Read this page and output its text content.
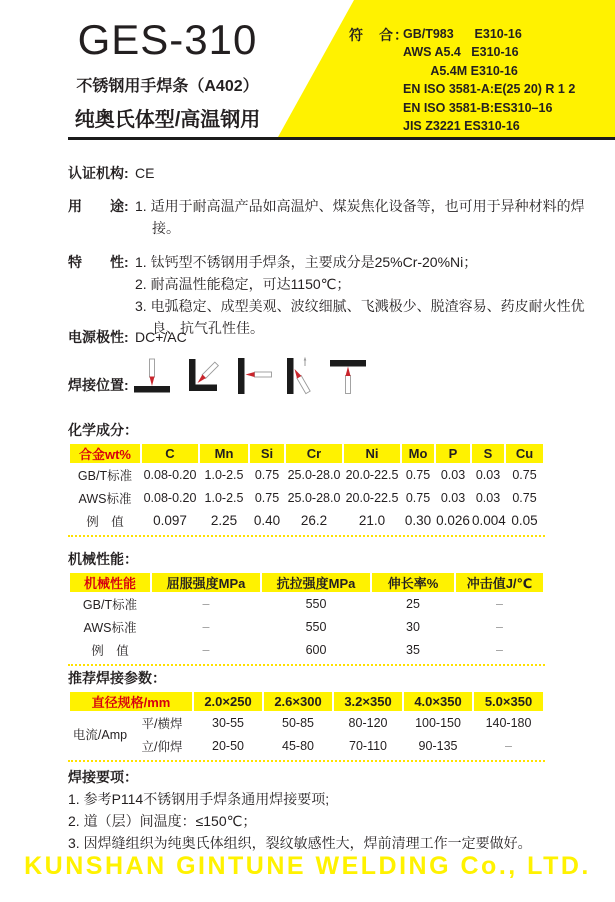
符　合：
GB/T983      E310-16
AWS A5.4   E310-16
A5.4M E310-16
EN ISO 3581-A:E(25 20) R 1 2
EN ISO 3581-B:ES310–16
JIS Z3221 ES310-16
GES-310
不锈钢用手焊条（A402）
纯奥氏体型/高温钢用
认证机构: CE
用　　途: 1. 适用于耐高温产品如高温炉、煤炭焦化设备等，也可用于异种材料的焊接。
特　　性: 1. 钛钙型不锈钢用手焊条，主要成分是25%Cr-20%Ni；
2. 耐高温性能稳定，可达1150℃；
3. 电弧稳定、成型美观、波纹细腻、飞溅极少、脱渣容易、药皮耐火性优良、抗气孔性佳。
电源极性: DC+/AC
焊接位置:
化学成分：
合金wt%	C	Mn	Si	Cr	Ni	Mo	P	S	Cu
GB/T标准	0.08-0.20	1.0-2.5	0.75	25.0-28.0	20.0-22.5	0.75	0.03	0.03	0.75
AWS标准	0.08-0.20	1.0-2.5	0.75	25.0-28.0	20.0-22.5	0.75	0.03	0.03	0.75
例　值	0.097	2.25	0.40	26.2	21.0	0.30	0.026	0.004	0.05
机械性能：
机械性能	屈服强度MPa	抗拉强度MPa	伸长率%	冲击值J/℃
GB/T标准	–	550	25	–
AWS标准	–	550	30	–
例　值	–	600	35	–
推荐焊接参数：
直径规格/mm		2.0×250	2.6×300	3.2×350	4.0×350	5.0×350
电流/Amp	平/横焊	30-55	50-85	80-120	100-150	140-180
	立/仰焊	20-50	45-80	70-110	90-135	–
焊接要项：
1. 参考P114不锈钢用手焊条通用焊接要项;
2. 道（层）间温度：≤150℃；
3. 因焊缝组织为纯奥氏体组织，裂纹敏感性大，焊前清理工作一定要做好。
KUNSHAN GINTUNE WELDING Co., LTD.
